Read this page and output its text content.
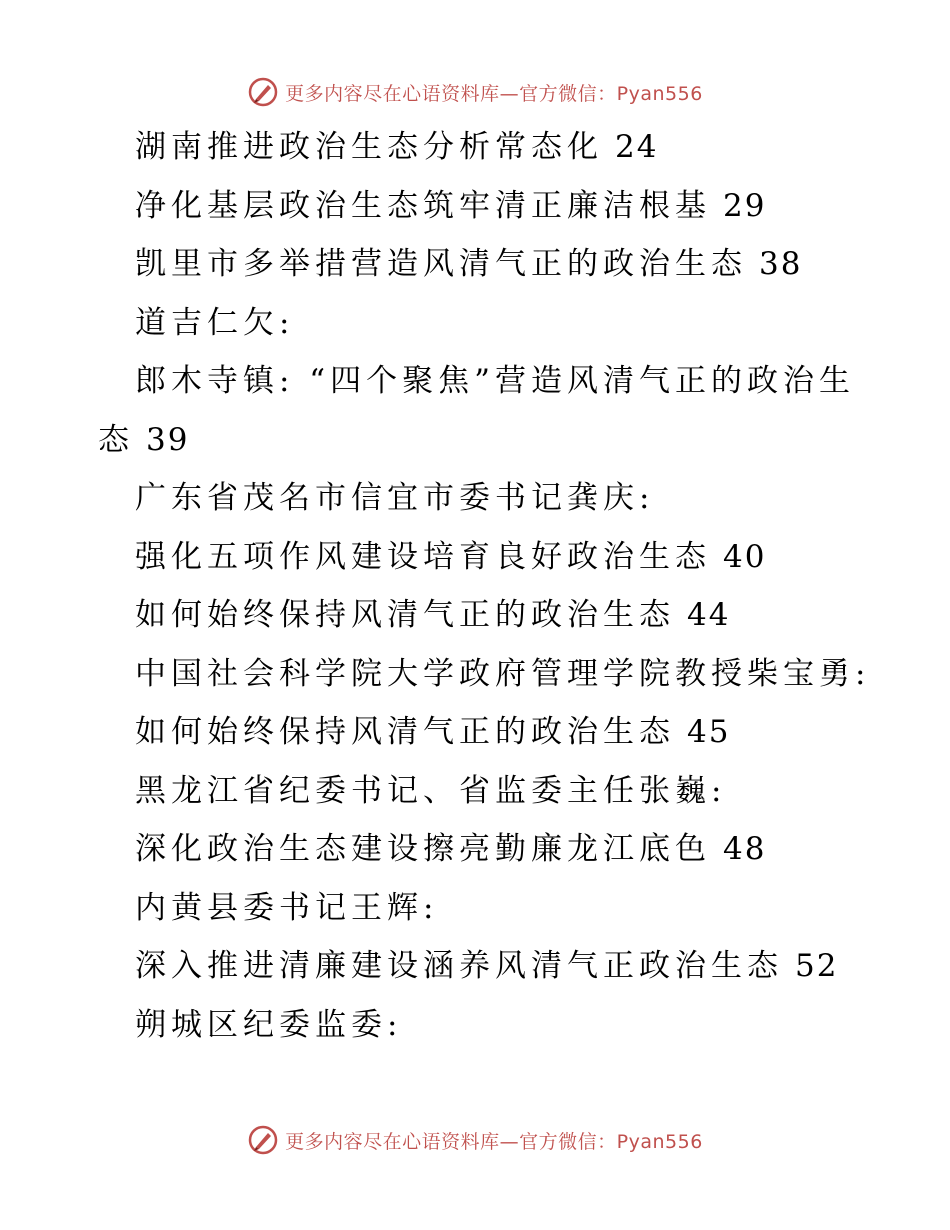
更多内容尽在心语资料库—官方微信：Pyan556
湖南推进政治生态分析常态化 24
净化基层政治生态筑牢清正廉洁根基 29
凯里市多举措营造风清气正的政治生态 38
道吉仁欠:
郎木寺镇: “四个聚焦”营造风清气正的政治生
态 39
广东省茂名市信宜市委书记龚庆:
强化五项作风建设培育良好政治生态 40
如何始终保持风清气正的政治生态 44
中国社会科学院大学政府管理学院教授柴宝勇:
如何始终保持风清气正的政治生态 45
黑龙江省纪委书记、省监委主任张巍:
深化政治生态建设擦亮勤廉龙江底色 48
内黄县委书记王辉:
深入推进清廉建设涵养风清气正政治生态 52
朔城区纪委监委:
更多内容尽在心语资料库—官方微信：Pyan556
